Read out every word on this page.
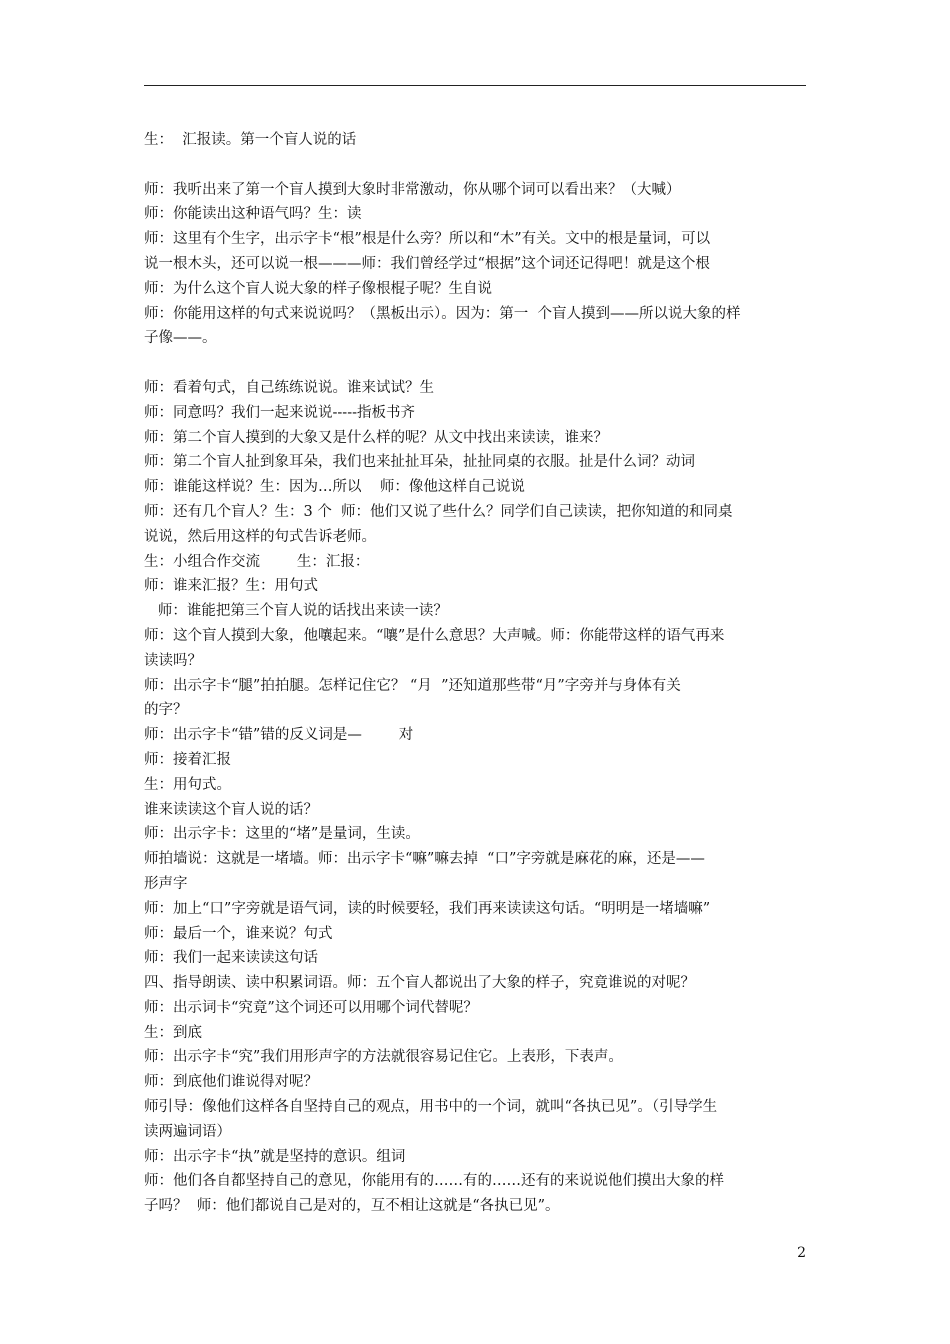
生：  汇报读。第一个盲人说的话
师：我听出来了第一个盲人摸到大象时非常激动，你从哪个词可以看出来？（大喊）
师：你能读出这种语气吗？生：读
师：这里有个生字，出示字卡“根”根是什么旁？所以和“木”有关。文中的根是量词，可以
说一根木头，还可以说一根———师：我们曾经学过“根据”这个词还记得吧！就是这个根
师：为什么这个盲人说大象的样子像根棍子呢？生自说
师：你能用这样的句式来说说吗？（黑板出示）。因为：第一  个盲人摸到——所以说大象的样
子像——。
师：看着句式，自己练练说说。谁来试试？生
师：同意吗？我们一起来说说-----指板书齐
师：第二个盲人摸到的大象又是什么样的呢？从文中找出来读读，谁来？
师：第二个盲人扯到象耳朵，我们也来扯扯耳朵，扯扯同桌的衣服。扯是什么词？动词
师：谁能这样说？生：因为…所以    师：像他这样自己说说
师：还有几个盲人？生：3 个  师：他们又说了些什么？同学们自己读读，把你知道的和同桌
说说，然后用这样的句式告诉老师。
生：小组合作交流        生：汇报：
师：谁来汇报？生：用句式
师：谁能把第三个盲人说的话找出来读一读？
师：这个盲人摸到大象，他嚷起来。“嚷”是什么意思？大声喊。师：你能带这样的语气再来
读读吗？
师：出示字卡“腿”拍拍腿。怎样记住它？ “月  ”还知道那些带“月”字旁并与身体有关
的字？
师：出示字卡“错”错的反义词是—        对
师：接着汇报
生：用句式。
谁来读读这个盲人说的话？
师：出示字卡：这里的“堵”是量词，生读。
师拍墙说：这就是一堵墙。师：出示字卡“嘛”嘛去掉  “口”字旁就是麻花的麻，还是——
形声字
师：加上“口”字旁就是语气词，读的时候要轻，我们再来读读这句话。“明明是一堵墙嘛”
师：最后一个，谁来说？句式
师：我们一起来读读这句话
四、指导朗读、读中积累词语。师：五个盲人都说出了大象的样子，究竟谁说的对呢？
师：出示词卡“究竟”这个词还可以用哪个词代替呢？
生：到底
师：出示字卡“究”我们用形声字的方法就很容易记住它。上表形，下表声。
师：到底他们谁说得对呢？
师引导：像他们这样各自坚持自己的观点，用书中的一个词，就叫“各执已见”。（引导学生
读两遍词语）
师：出示字卡“执”就是坚持的意识。组词
师：他们各自都坚持自己的意见，你能用有的……有的……还有的来说说他们摸出大象的样
子吗？  师：他们都说自己是对的，互不相让这就是“各执已见”。
2
